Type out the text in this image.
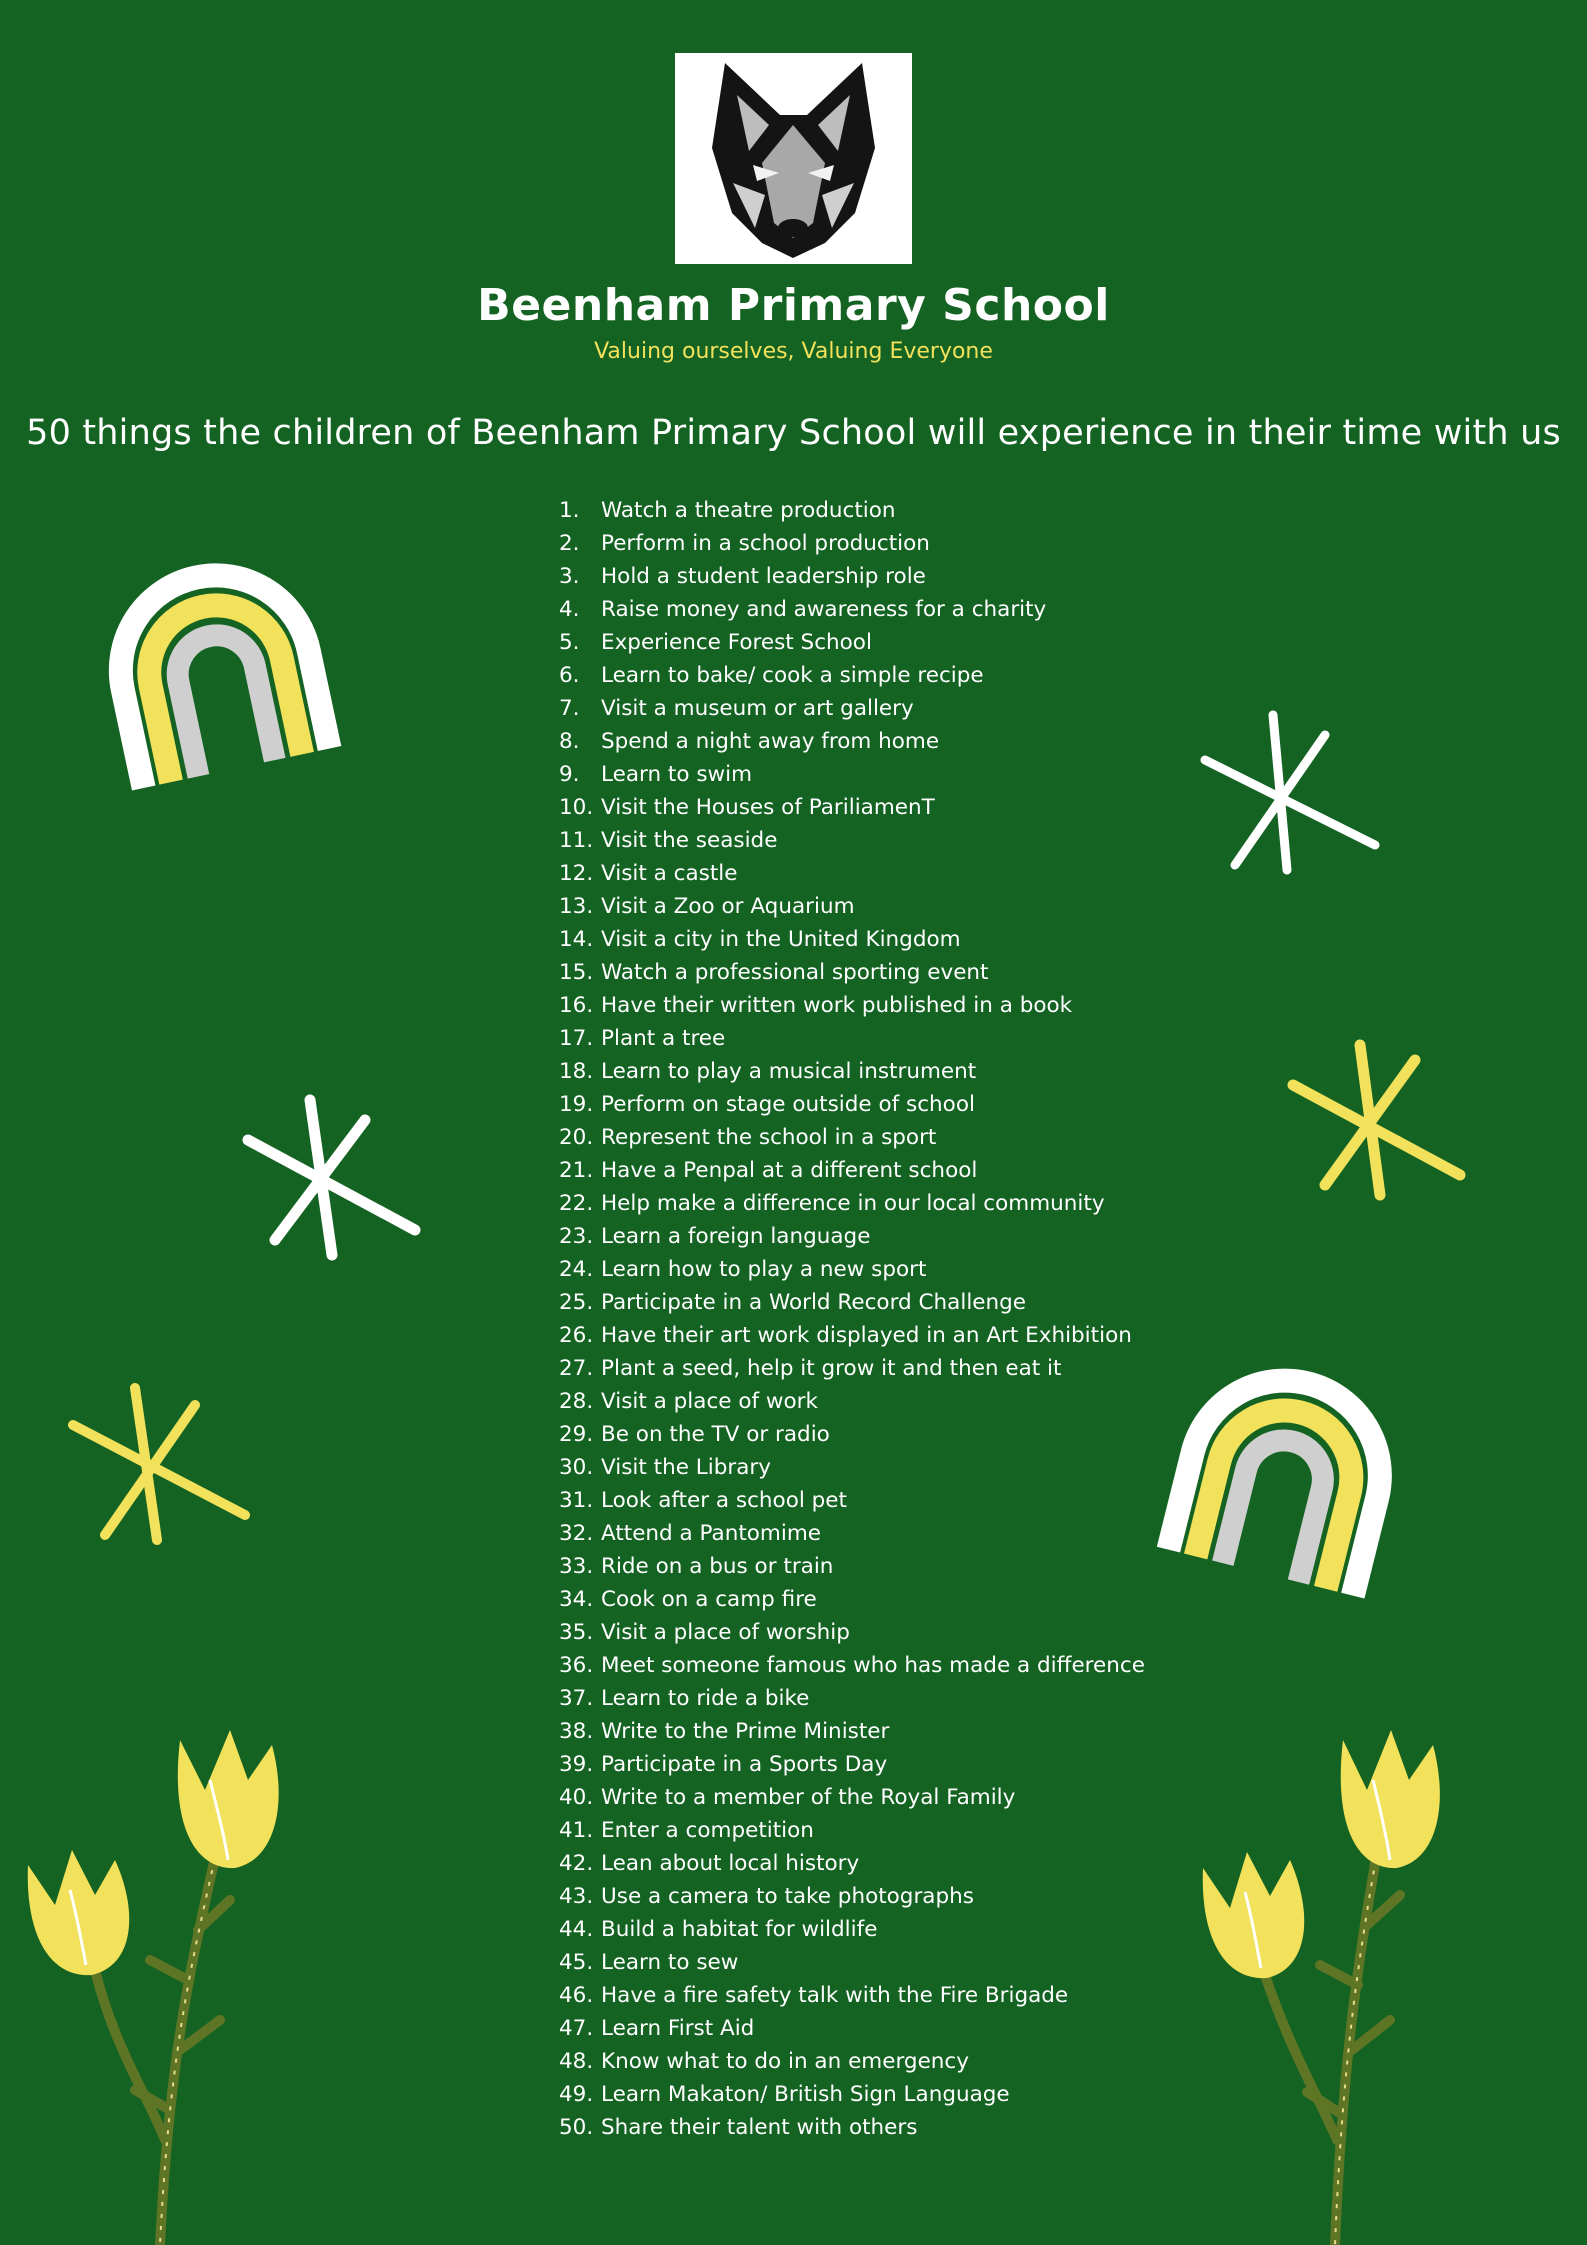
Beenham Primary School
Valuing ourselves, Valuing Everyone
50 things the children of Beenham Primary School will experience in their time with us
1. Watch a theatre production
2. Perform in a school production
3. Hold a student leadership role
4. Raise money and awareness for a charity
5. Experience Forest School
6. Learn to bake/ cook a simple recipe
7. Visit a museum or art gallery
8. Spend a night away from home
9. Learn to swim
10. Visit the Houses of PariliamenT
11. Visit the seaside
12. Visit a castle
13. Visit a Zoo or Aquarium
14. Visit a city in the United Kingdom
15. Watch a professional sporting event
16. Have their written work published in a book
17. Plant a tree
18. Learn to play a musical instrument
19. Perform on stage outside of school
20. Represent the school in a sport
21. Have a Penpal at a different school
22. Help make a difference in our local community
23. Learn a foreign language
24. Learn how to play a new sport
25. Participate in a World Record Challenge
26. Have their art work displayed in an Art Exhibition
27. Plant a seed, help it grow it and then eat it
28. Visit a place of work
29. Be on the TV or radio
30. Visit the Library
31. Look after a school pet
32. Attend a Pantomime
33. Ride on a bus or train
34. Cook on a camp fire
35. Visit a place of worship
36. Meet someone famous who has made a difference
37. Learn to ride a bike
38. Write to the Prime Minister
39. Participate in a Sports Day
40. Write to a member of the Royal Family
41. Enter a competition
42. Lean about local history
43. Use a camera to take photographs
44. Build a habitat for wildlife
45. Learn to sew
46. Have a fire safety talk with the Fire Brigade
47. Learn First Aid
48. Know what to do in an emergency
49. Learn Makaton/ British Sign Language
50. Share their talent with others
